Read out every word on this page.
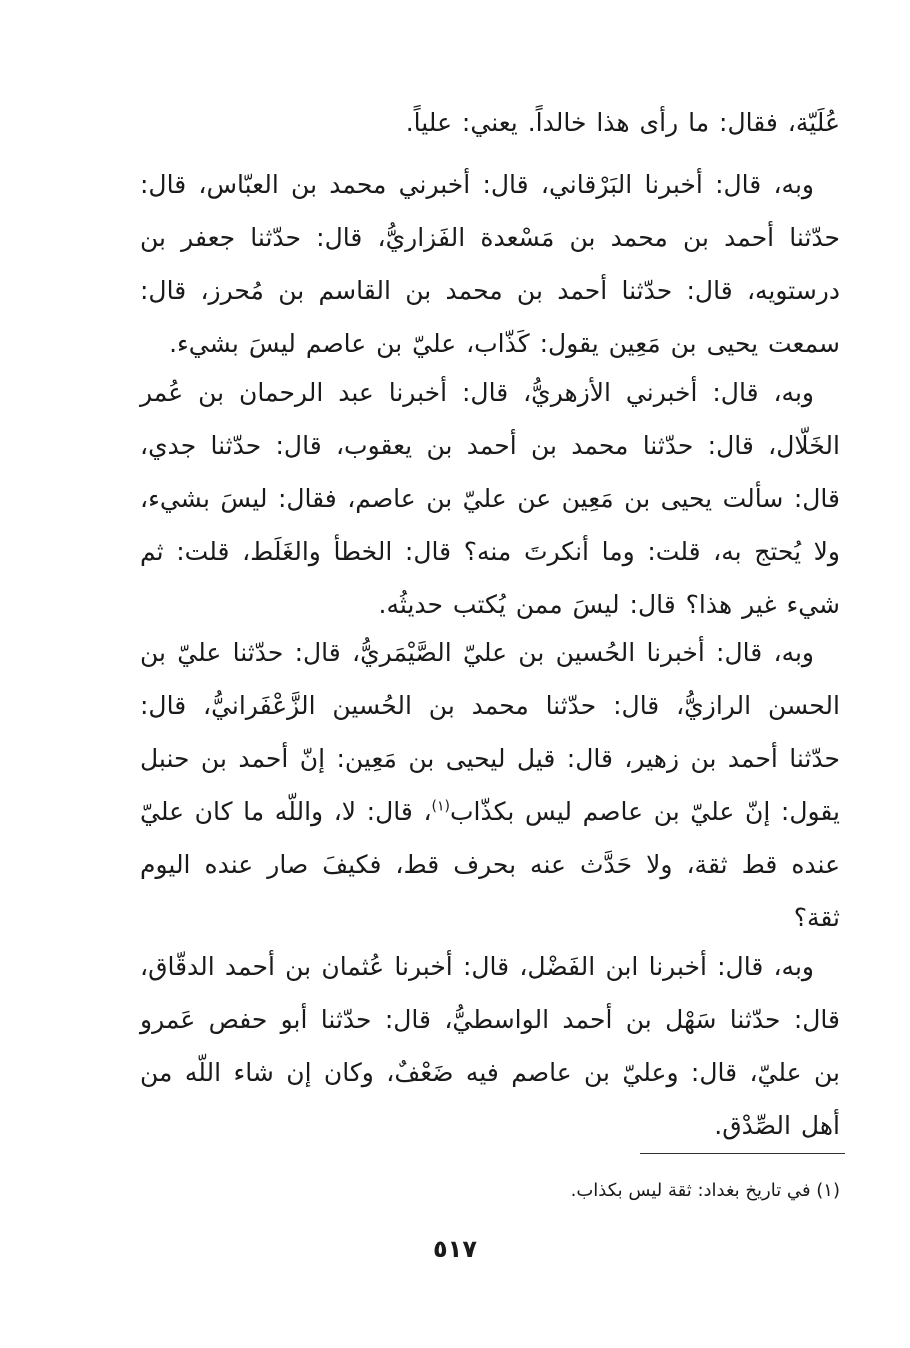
عُلَيّة، فقال: ما رأى هذا خالداً. يعني: علياً.

وبه، قال: أخبرنا البَرْقاني، قال: أخبرني محمد بن العبّاس، قال: حدّثنا أحمد بن محمد بن مَسْعدة الفَزاريُّ، قال: حدّثنا جعفر بن درستويه، قال: حدّثنا أحمد بن محمد بن القاسم بن مُحرز، قال: سمعت يحيى بن مَعِين يقول: كَذّاب، عليّ بن عاصم ليسَ بشيء.

وبه، قال: أخبرني الأزهريُّ، قال: أخبرنا عبد الرحمان بن عُمر الخَلّال، قال: حدّثنا محمد بن أحمد بن يعقوب، قال: حدّثنا جدي، قال: سألت يحيى بن مَعِين عن عليّ بن عاصم، فقال: ليسَ بشيء، ولا يُحتج به، قلت: وما أنكرتَ منه؟ قال: الخطأ والغَلَط، قلت: ثم شيء غير هذا؟ قال: ليسَ ممن يُكتب حديثُه.

وبه، قال: أخبرنا الحُسين بن عليّ الصَّيْمَريُّ، قال: حدّثنا عليّ بن الحسن الرازيُّ، قال: حدّثنا محمد بن الحُسين الزَّعْفَرانيُّ، قال: حدّثنا أحمد بن زهير، قال: قيل ليحيى بن مَعِين: إنّ أحمد بن حنبل يقول: إنّ عليّ بن عاصم ليس بكذّاب$^{(١)}$، قال: لا، واللّه ما كان عليّ عنده قط ثقة، ولا حَدَّث عنه بحرف قط، فكيفَ صار عنده اليوم ثقة؟

وبه، قال: أخبرنا ابن الفَضْل، قال: أخبرنا عُثمان بن أحمد الدقّاق، قال: حدّثنا سَهْل بن أحمد الواسطيُّ، قال: حدّثنا أبو حفص عَمرو بن عليّ، قال: وعليّ بن عاصم فيه ضَعْفٌ، وكان إن شاء اللّه من أهل الصِّدْق.

(١) في تاريخ بغداد: ثقة ليس بكذاب.
٥١٧
